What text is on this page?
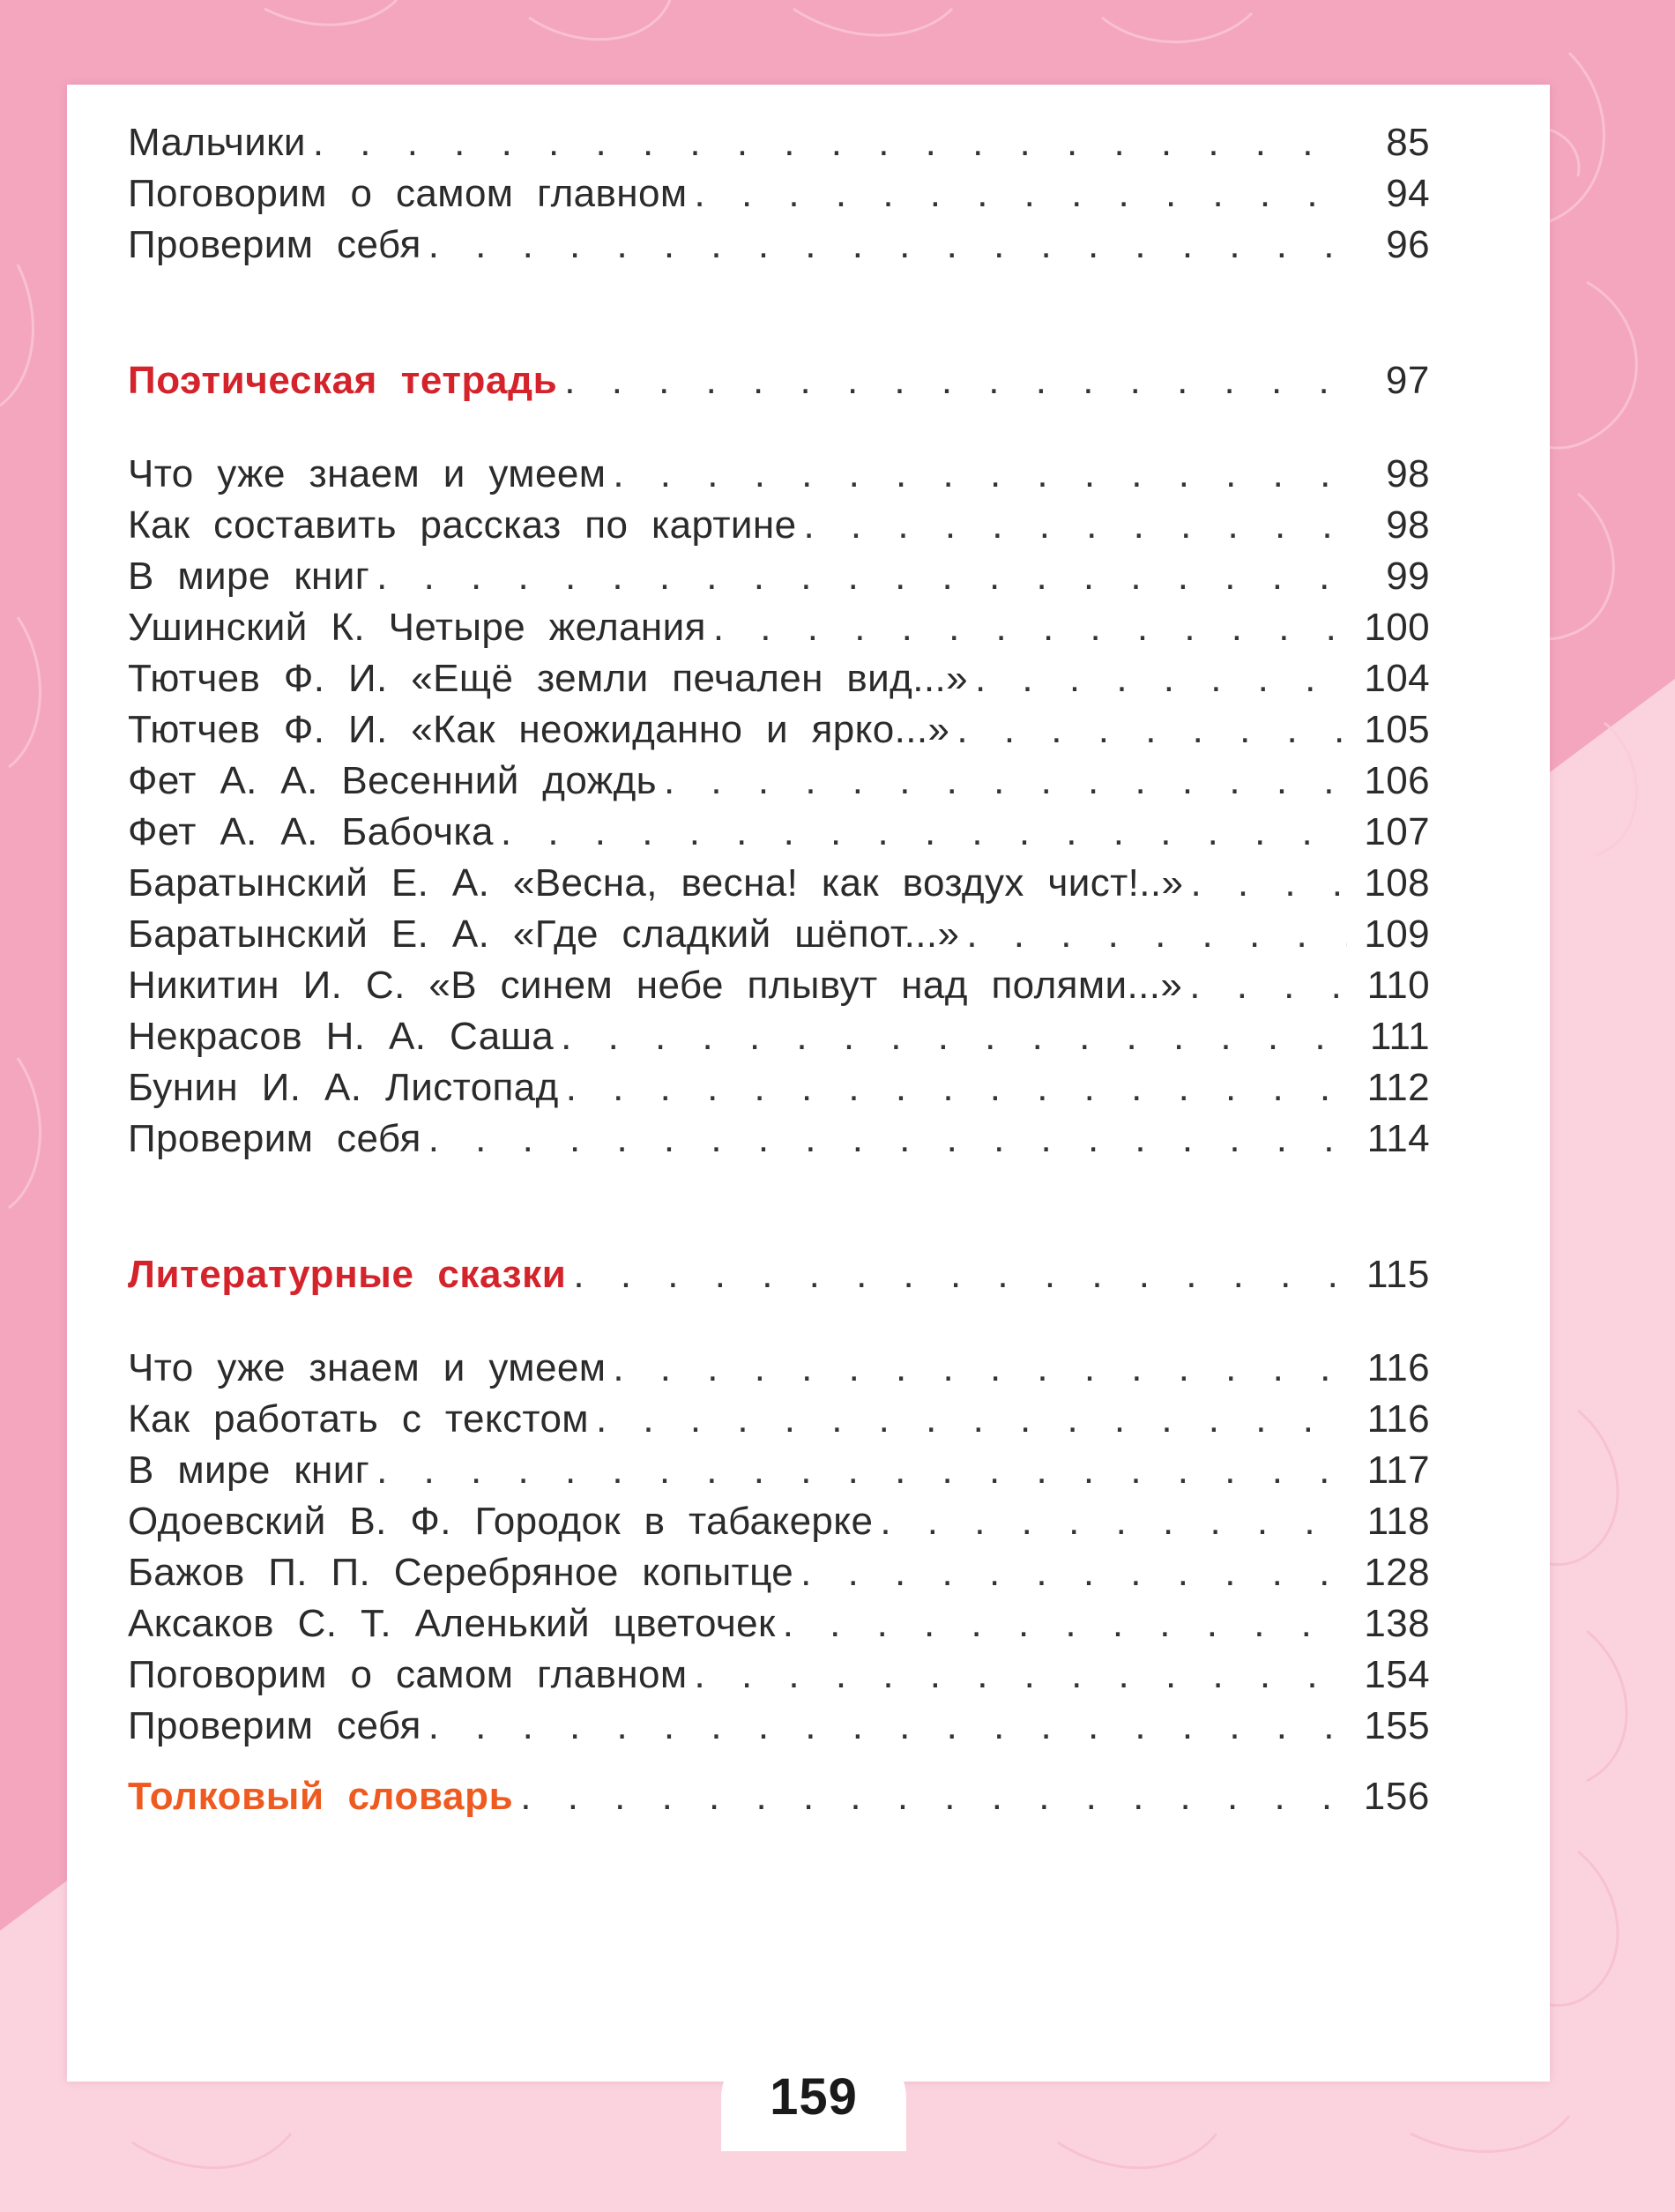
Мальчики . . .	85
Поговорим о самом главном . . .	94
Проверим себя . . .	96
Поэтическая тетрадь . . .	97
Что уже знаем и умеем . . .	98
Как составить рассказ по картине . . .	98
В мире книг . . .	99
Ушинский К. Четыре желания . . .	100
Тютчев Ф. И. «Ещё земли печален вид...» . . .	104
Тютчев Ф. И. «Как неожиданно и ярко...» . . .	105
Фет А. А. Весенний дождь . . .	106
Фет А. А. Бабочка . . .	107
Баратынский Е. А. «Весна, весна! как воздух чист!..» . . .	108
Баратынский Е. А. «Где сладкий шёпот...» . . .	109
Никитин И. С. «В синем небе плывут над полями...» . . .	110
Некрасов Н. А. Саша . . .	111
Бунин И. А. Листопад . . .	112
Проверим себя . . .	114
Литературные сказки . . .	115
Что уже знаем и умеем . . .	116
Как работать с текстом . . .	116
В мире книг . . .	117
Одоевский В. Ф. Городок в табакерке . . .	118
Бажов П. П. Серебряное копытце . . .	128
Аксаков С. Т. Аленький цветочек . . .	138
Поговорим о самом главном . . .	154
Проверим себя . . .	155
Толковый словарь . . .	156
159
